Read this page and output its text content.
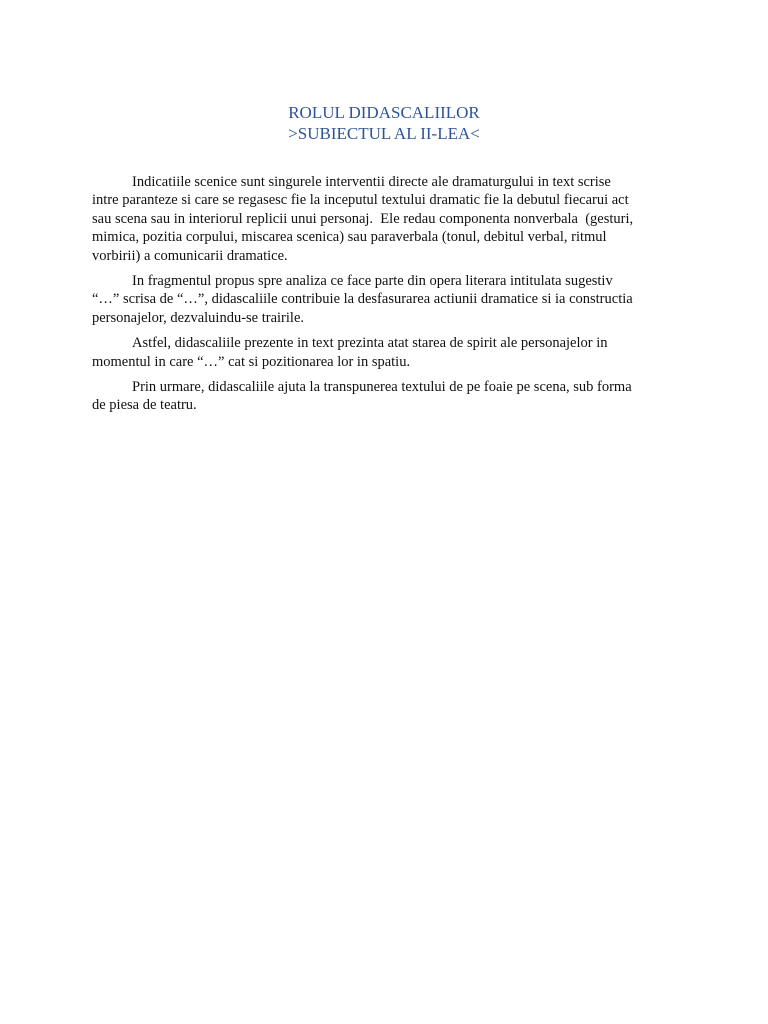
ROLUL DIDASCALIILOR
>SUBIECTUL AL II-LEA<

Indicatiile scenice sunt singurele interventii directe ale dramaturgului in text scrise
intre paranteze si care se regasesc fie la inceputul textului dramatic fie la debutul fiecarui act
sau scena sau in interiorul replicii unui personaj.  Ele redau componenta nonverbala  (gesturi,
mimica, pozitia corpului, miscarea scenica) sau paraverbala (tonul, debitul verbal, ritmul
vorbirii) a comunicarii dramatice.

In fragmentul propus spre analiza ce face parte din opera literara intitulata sugestiv
“…” scrisa de “…”, didascaliile contribuie la desfasurarea actiunii dramatice si ia constructia
personajelor, dezvaluindu-se trairile.

Astfel, didascaliile prezente in text prezinta atat starea de spirit ale personajelor in
momentul in care “…” cat si pozitionarea lor in spatiu.

Prin urmare, didascaliile ajuta la transpunerea textului de pe foaie pe scena, sub forma
de piesa de teatru.
